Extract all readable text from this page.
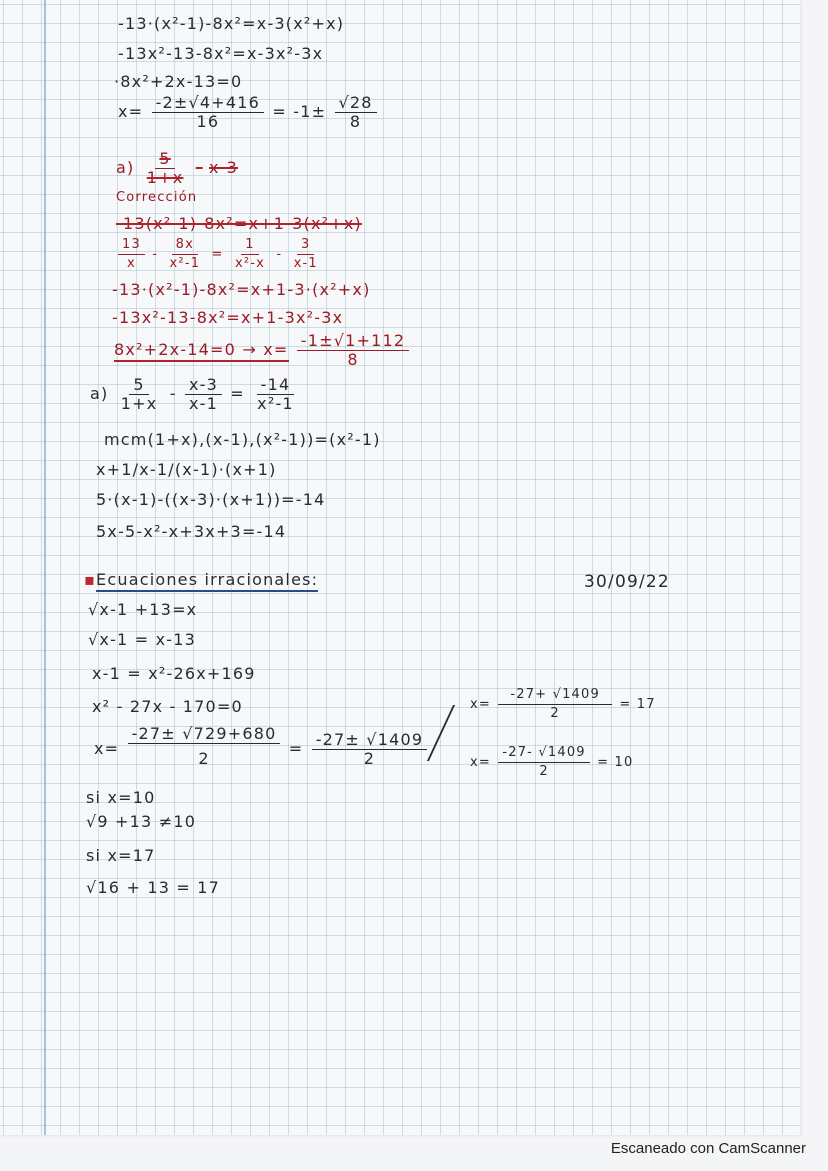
-13·(x²-1)-8x²=x-3(x²+x)
-13x²-13-8x²=x-3x²-3x
·8x²+2x-13=0
$x= \frac{-2\pm√4+416}{16} = -1\pm \frac{√28}{8}$
$a) \frac{5}{1+x} - x-3$
Corrección
-13(x²-1)-8x²=x+1-3(x²+x)
$\frac{13}{x} - \frac{8x}{\text{x²-1}} = \frac{1}{\text{x²-x}} - \frac{3}{x-1}$
-13·(x²-1)-8x²=x+1-3·(x²+x)
-13x²-13-8x²=x+1-3x²-3x
$8x^2+2x-14=0 \to x= \frac{-1\pm√1+112}{8}$
$a) \frac{5}{1+x} - \frac{x-3}{x-1} = \frac{-14}{\text{x²-1}}$
mcm(1+x),(x-1),(x²-1))=(x²-1)
x+1/x-1/(x-1)·(x+1)
5·(x-1)-((x-3)·(x+1))=-14
5x-5-x²-x+3x+3=-14
▪Ecuaciones irracionales:	30/09/22
√x-1 +13=x
√x-1 = x-13
x-1 = x²-26x+169
x² - 27x - 170=0
$x= \frac{-27\pm √729+680}{2} = \frac{-27\pm √1409}{2}$
$x= \frac{-27+ √1409}{2} = 17$
$x= \frac{-27- √1409}{2} = 10$
si x=10
√9 +13 ≠10
si x=17
√16 + 13 = 17
Escaneado con CamScanner
